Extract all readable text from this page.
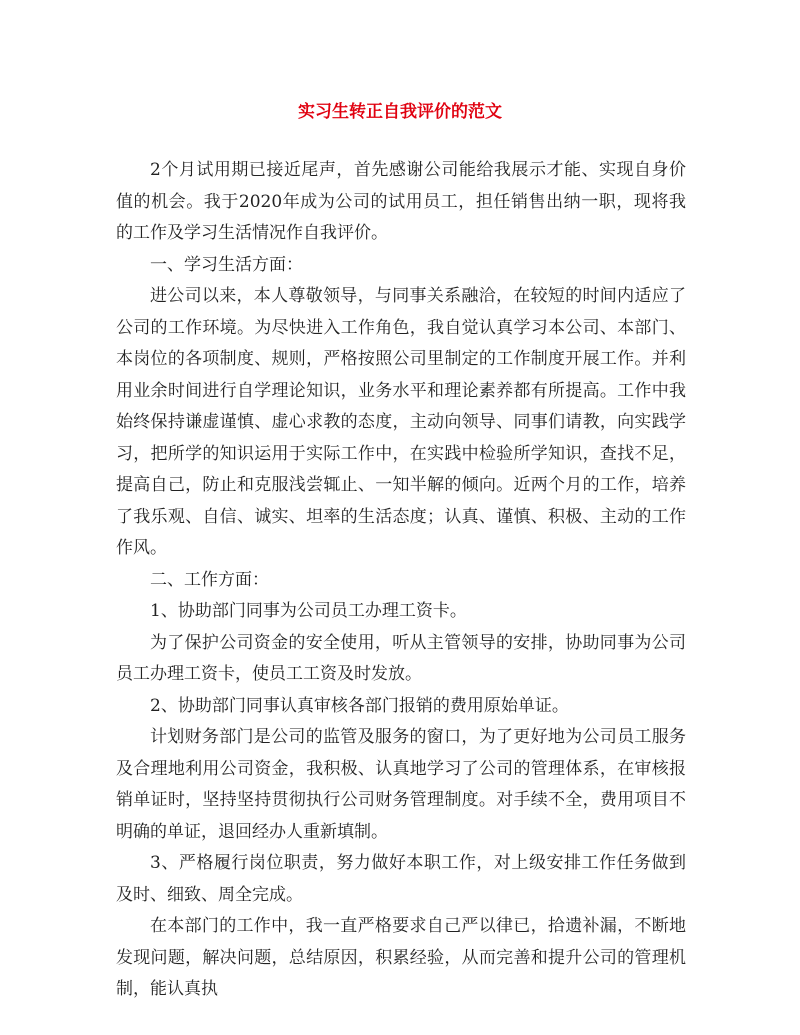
实习生转正自我评价的范文

2个月试用期已接近尾声，首先感谢公司能给我展示才能、实现自身价值的机会。我于2020年成为公司的试用员工，担任销售出纳一职，现将我的工作及学习生活情况作自我评价。

一、学习生活方面：

进公司以来，本人尊敬领导，与同事关系融洽，在较短的时间内适应了公司的工作环境。为尽快进入工作角色，我自觉认真学习本公司、本部门、本岗位的各项制度、规则，严格按照公司里制定的工作制度开展工作。并利用业余时间进行自学理论知识，业务水平和理论素养都有所提高。工作中我始终保持谦虚谨慎、虚心求教的态度，主动向领导、同事们请教，向实践学习，把所学的知识运用于实际工作中，在实践中检验所学知识，查找不足，提高自己，防止和克服浅尝辄止、一知半解的倾向。近两个月的工作，培养了我乐观、自信、诚实、坦率的生活态度；认真、谨慎、积极、主动的工作作风。

二、工作方面：

1、协助部门同事为公司员工办理工资卡。

为了保护公司资金的安全使用，听从主管领导的安排，协助同事为公司员工办理工资卡，使员工工资及时发放。

2、协助部门同事认真审核各部门报销的费用原始单证。

计划财务部门是公司的监管及服务的窗口，为了更好地为公司员工服务及合理地利用公司资金，我积极、认真地学习了公司的管理体系，在审核报销单证时，坚持坚持贯彻执行公司财务管理制度。对手续不全，费用项目不明确的单证，退回经办人重新填制。

3、严格履行岗位职责，努力做好本职工作，对上级安排工作任务做到及时、细致、周全完成。

在本部门的工作中，我一直严格要求自己严以律已，拾遗补漏，不断地发现问题，解决问题，总结原因，积累经验，从而完善和提升公司的管理机制，能认真执
